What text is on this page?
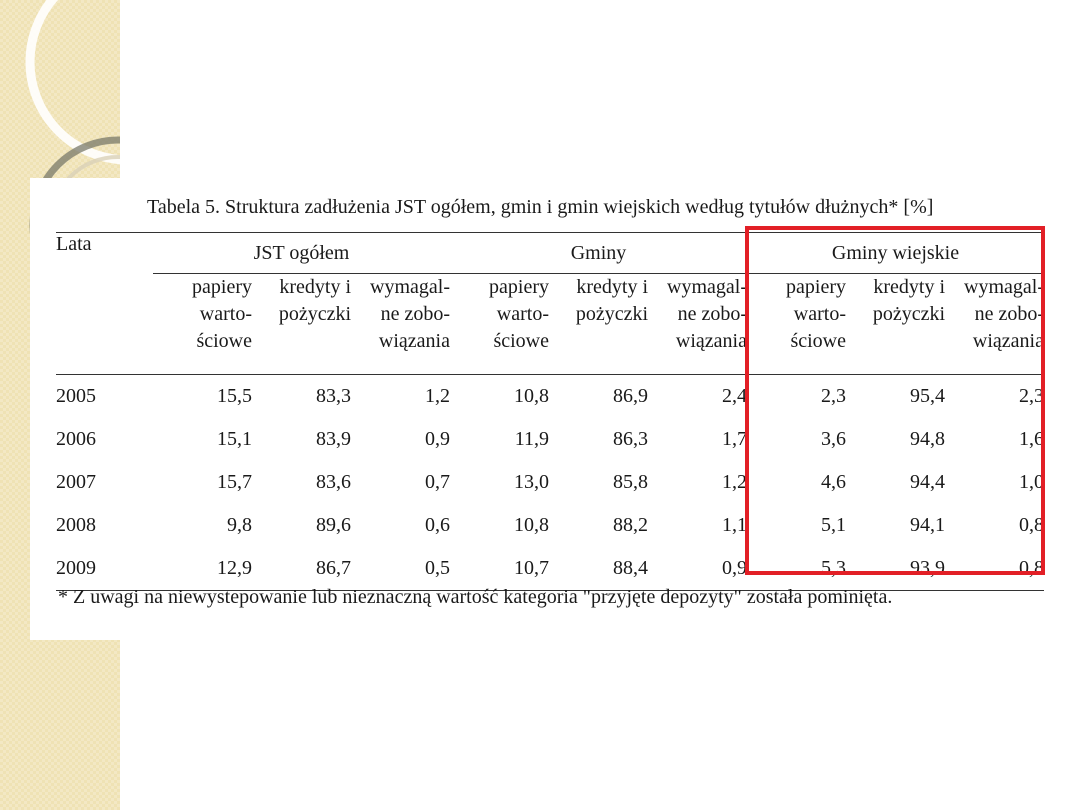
Tabela 5. Struktura zadłużenia JST ogółem, gmin i gmin wiejskich według tytułów dłużnych* [%]
Lata	JST ogółem			Gminy			Gminy wiejskie		
	papiery
warto-
ściowe	kredyty i
pożyczki	wymagal-
ne zobo-
wiązania	papiery
warto-
ściowe	kredyty i
pożyczki	wymagal-
ne zobo-
wiązania	papiery
warto-
ściowe	kredyty i
pożyczki	wymagal-
ne zobo-
wiązania
2005	15,5	83,3	1,2	10,8	86,9	2,4	2,3	95,4	2,3
2006	15,1	83,9	0,9	11,9	86,3	1,7	3,6	94,8	1,6
2007	15,7	83,6	0,7	13,0	85,8	1,2	4,6	94,4	1,0
2008	9,8	89,6	0,6	10,8	88,2	1,1	5,1	94,1	0,8
2009	12,9	86,7	0,5	10,7	88,4	0,9	5,3	93,9	0,8
* Z uwagi na niewystepowanie lub nieznaczną wartość kategoria "przyjęte depozyty" została pominięta.
